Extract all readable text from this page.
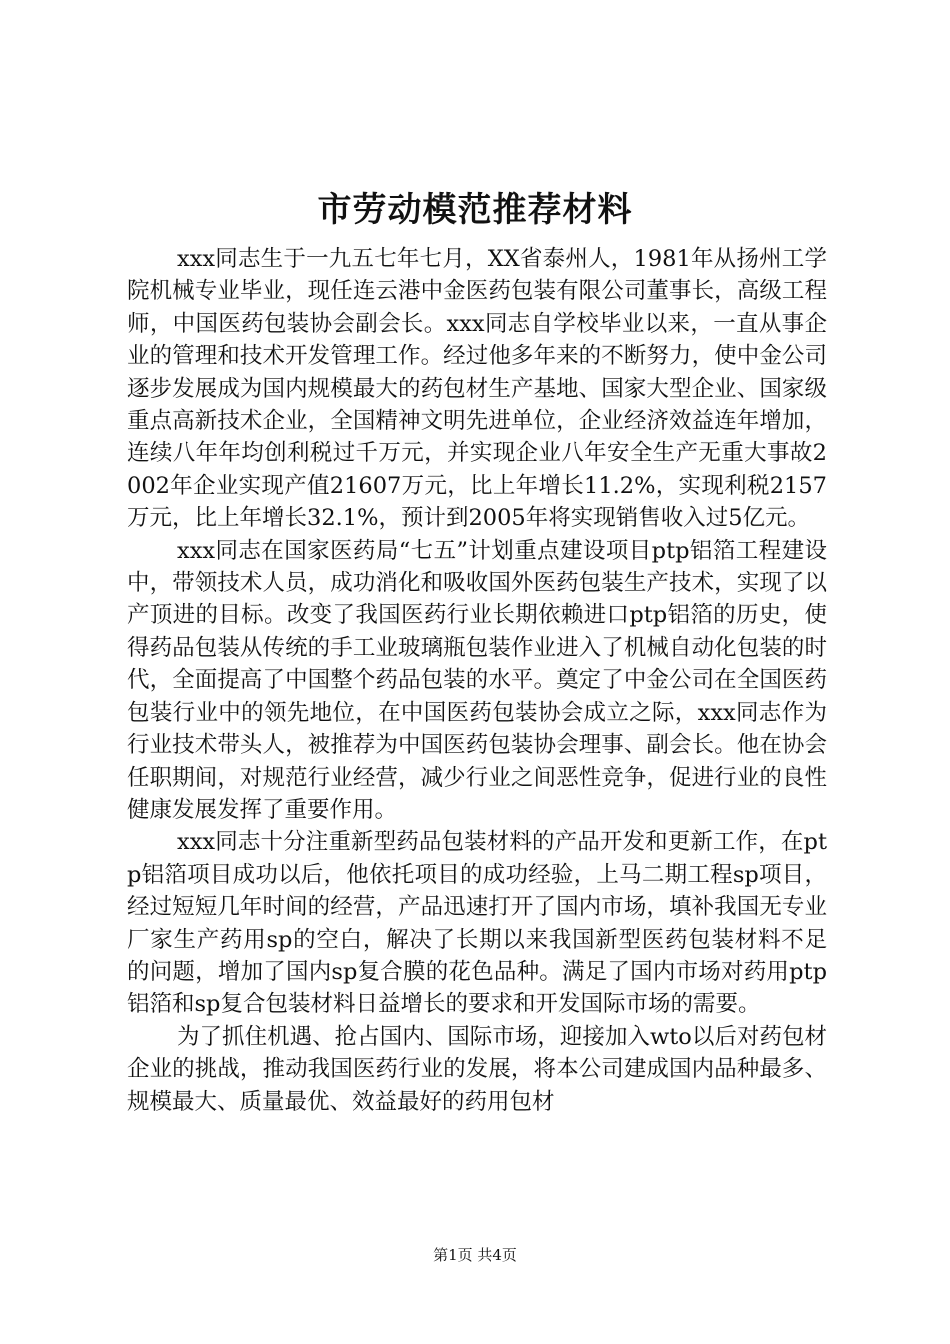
市劳动模范推荐材料

xxx同志生于一九五七年七月，XX省泰州人，1981年从扬州工学院机械专业毕业，现任连云港中金医药包装有限公司董事长，高级工程师，中国医药包装协会副会长。xxx同志自学校毕业以来，一直从事企业的管理和技术开发管理工作。经过他多年来的不断努力，使中金公司逐步发展成为国内规模最大的药包材生产基地、国家大型企业、国家级重点高新技术企业，全国精神文明先进单位，企业经济效益连年增加，连续八年年均创利税过千万元，并实现企业八年安全生产无重大事故2002年企业实现产值21607万元，比上年增长11.2%，实现利税2157万元，比上年增长32.1%，预计到2005年将实现销售收入过5亿元。

xxx同志在国家医药局“七五”计划重点建设项目ptp铝箔工程建设中，带领技术人员，成功消化和吸收国外医药包装生产技术，实现了以产顶进的目标。改变了我国医药行业长期依赖进口ptp铝箔的历史，使得药品包装从传统的手工业玻璃瓶包装作业进入了机械自动化包装的时代，全面提高了中国整个药品包装的水平。奠定了中金公司在全国医药包装行业中的领先地位，在中国医药包装协会成立之际，xxx同志作为行业技术带头人，被推荐为中国医药包装协会理事、副会长。他在协会任职期间，对规范行业经营，减少行业之间恶性竞争，促进行业的良性健康发展发挥了重要作用。

xxx同志十分注重新型药品包装材料的产品开发和更新工作，在ptp铝箔项目成功以后，他依托项目的成功经验，上马二期工程sp项目，经过短短几年时间的经营，产品迅速打开了国内市场，填补我国无专业厂家生产药用sp的空白，解决了长期以来我国新型医药包装材料不足的问题，增加了国内sp复合膜的花色品种。满足了国内市场对药用ptp铝箔和sp复合包装材料日益增长的要求和开发国际市场的需要。

为了抓住机遇、抢占国内、国际市场，迎接加入wto以后对药包材企业的挑战，推动我国医药行业的发展，将本公司建成国内品种最多、规模最大、质量最优、效益最好的药用包材

第1页 共4页
